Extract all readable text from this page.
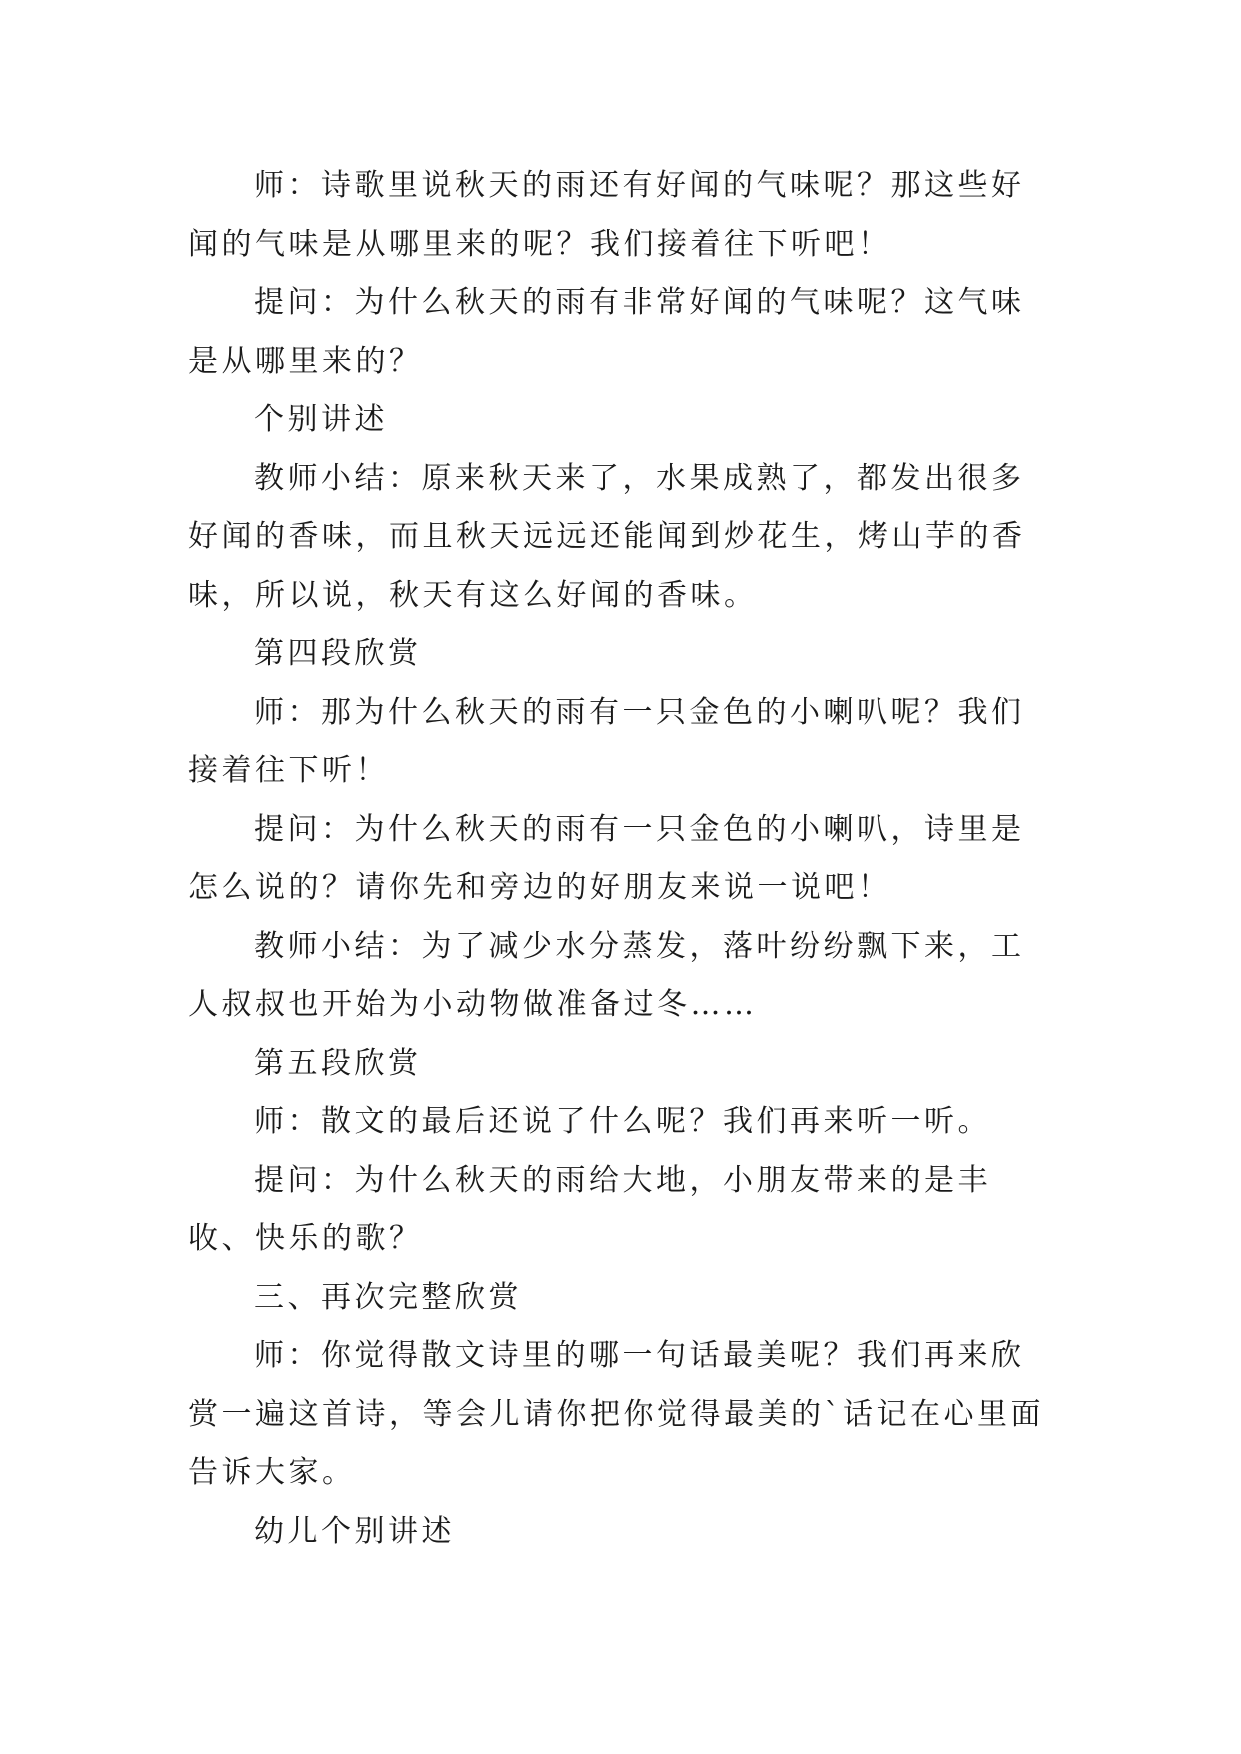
师：诗歌里说秋天的雨还有好闻的气味呢？那这些好闻的气味是从哪里来的呢？我们接着往下听吧！

提问：为什么秋天的雨有非常好闻的气味呢？这气味是从哪里来的？

个别讲述

教师小结：原来秋天来了，水果成熟了，都发出很多好闻的香味，而且秋天远远还能闻到炒花生，烤山芋的香味，所以说，秋天有这么好闻的香味。

第四段欣赏

师：那为什么秋天的雨有一只金色的小喇叭呢？我们接着往下听！

提问：为什么秋天的雨有一只金色的小喇叭，诗里是怎么说的？请你先和旁边的好朋友来说一说吧！

教师小结：为了减少水分蒸发，落叶纷纷飘下来，工人叔叔也开始为小动物做准备过冬……

第五段欣赏

师：散文的最后还说了什么呢？我们再来听一听。

提问：为什么秋天的雨给大地，小朋友带来的是丰收、快乐的歌？

三、再次完整欣赏

师：你觉得散文诗里的哪一句话最美呢？我们再来欣赏一遍这首诗，等会儿请你把你觉得最美的`话记在心里面告诉大家。

幼儿个别讲述
